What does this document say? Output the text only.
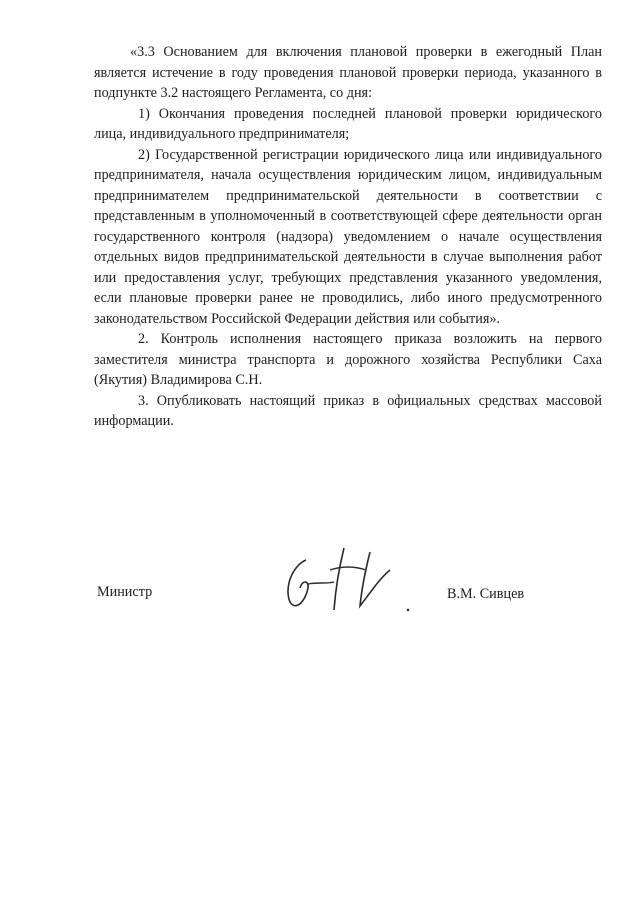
«3.3 Основанием для включения плановой проверки в ежегодный План является истечение в году проведения плановой проверки периода, указанного в подпункте 3.2 настоящего Регламента, со дня:

1) Окончания проведения последней плановой проверки юридического лица, индивидуального предпринимателя;

2) Государственной регистрации юридического лица или индивидуального предпринимателя, начала осуществления юридическим лицом, индивидуальным предпринимателем предпринимательской деятельности в соответствии с представленным в уполномоченный в соответствующей сфере деятельности орган государственного контроля (надзора) уведомлением о начале осуществления отдельных видов предпринимательской деятельности в случае выполнения работ или предоставления услуг, требующих представления указанного уведомления, если плановые проверки ранее не проводились, либо иного предусмотренного законодательством Российской Федерации действия или события».

2. Контроль исполнения настоящего приказа возложить на первого заместителя министра транспорта и дорожного хозяйства Республики Саха (Якутия) Владимирова С.Н.

3. Опубликовать настоящий приказ в официальных средствах массовой информации.

Министр	В.М. Сивцев
